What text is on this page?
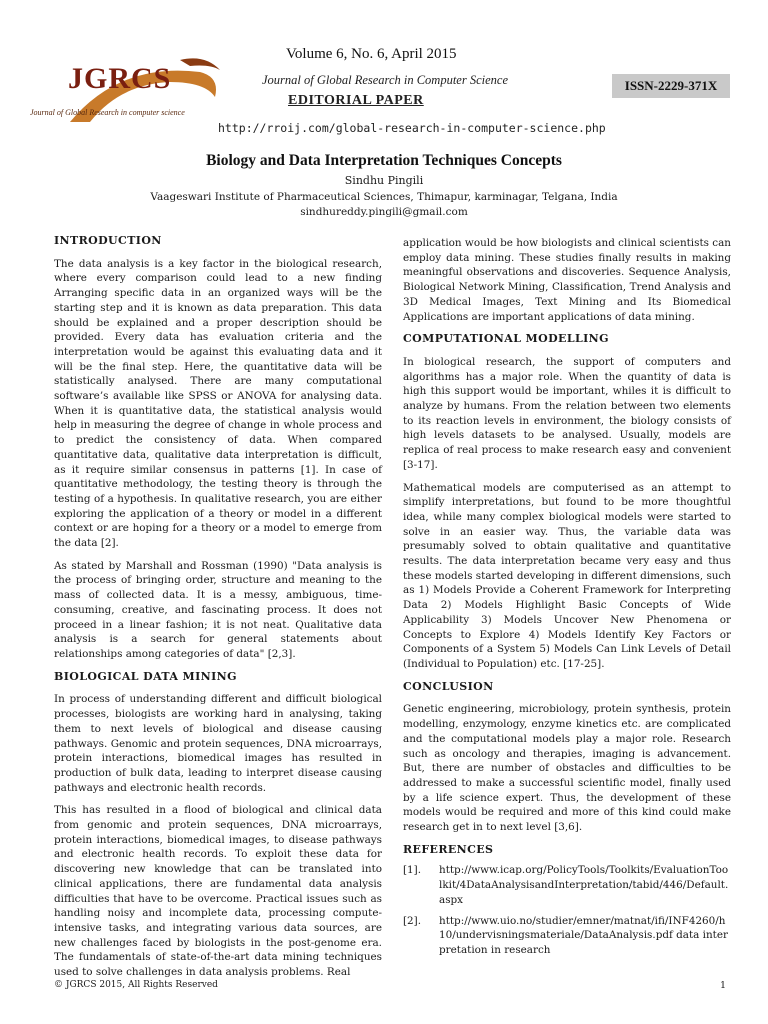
JGRCS
Journal of Global Research in computer science
Volume 6, No. 6, April 2015
Journal of Global Research in Computer Science
EDITORIAL PAPER
ISSN-2229-371X
http://rroij.com/global-research-in-computer-science.php
Biology and Data Interpretation Techniques Concepts
Sindhu Pingili
Vaageswari Institute of Pharmaceutical Sciences, Thimapur, karminagar, Telgana, India
sindhureddy.pingili@gmail.com
INTRODUCTION

The data analysis is a key factor in the biological research, where every comparison could lead to a new finding Arranging specific data in an organized ways will be the starting step and it is known as data preparation. This data should be explained and a proper description should be provided. Every data has evaluation criteria and the interpretation would be against this evaluating data and it will be the final step. Here, the quantitative data will be statistically analysed. There are many computational software’s available like SPSS or ANOVA for analysing data. When it is quantitative data, the statistical analysis would help in measuring the degree of change in whole process and to predict the consistency of data. When compared quantitative data, qualitative data interpretation is difficult, as it require similar consensus in patterns [1]. In case of quantitative methodology, the testing theory is through the testing of a hypothesis. In qualitative research, you are either exploring the application of a theory or model in a different context or are hoping for a theory or a model to emerge from the data [2].

As stated by Marshall and Rossman (1990) "Data analysis is the process of bringing order, structure and meaning to the mass of collected data. It is a messy, ambiguous, time-consuming, creative, and fascinating process. It does not proceed in a linear fashion; it is not neat. Qualitative data analysis is a search for general statements about relationships among categories of data" [2,3].

BIOLOGICAL DATA MINING

In process of understanding different and difficult biological processes, biologists are working hard in analysing, taking them to next levels of biological and disease causing pathways. Genomic and protein sequences, DNA microarrays, protein interactions, biomedical images has resulted in production of bulk data, leading to interpret disease causing pathways and electronic health records.

This has resulted in a flood of biological and clinical data from genomic and protein sequences, DNA microarrays, protein interactions, biomedical images, to disease pathways and electronic health records. To exploit these data for discovering new knowledge that can be translated into clinical applications, there are fundamental data analysis difficulties that have to be overcome. Practical issues such as handling noisy and incomplete data, processing compute-intensive tasks, and integrating various data sources, are new challenges faced by biologists in the post-genome era. The fundamentals of state-of-the-art data mining techniques used to solve challenges in data analysis problems. Real

application would be how biologists and clinical scientists can employ data mining. These studies finally results in making meaningful observations and discoveries. Sequence Analysis, Biological Network Mining, Classification, Trend Analysis and 3D Medical Images, Text Mining and Its Biomedical Applications are important applications of data mining.

COMPUTATIONAL MODELLING

In biological research, the support of computers and algorithms has a major role. When the quantity of data is high this support would be important, whiles it is difficult to analyze by humans. From the relation between two elements to its reaction levels in environment, the biology consists of high levels datasets to be analysed. Usually, models are replica of real process to make research easy and convenient [3-17].

Mathematical models are computerised as an attempt to simplify interpretations, but found to be more thoughtful idea, while many complex biological models were started to solve in an easier way. Thus, the variable data was presumably solved to obtain qualitative and quantitative results. The data interpretation became very easy and thus these models started developing in different dimensions, such as 1) Models Provide a Coherent Framework for Interpreting Data 2) Models Highlight Basic Concepts of Wide Applicability 3) Models Uncover New Phenomena or Concepts to Explore 4) Models Identify Key Factors or Components of a System 5) Models Can Link Levels of Detail (Individual to Population) etc. [17-25].

CONCLUSION

Genetic engineering, microbiology, protein synthesis, protein modelling, enzymology, enzyme kinetics etc. are complicated and the computational models play a major role. Research such as oncology and therapies, imaging is advancement. But, there are number of obstacles and difficulties to be addressed to make a successful scientific model, finally used by a life science expert. Thus, the development of these models would be required and more of this kind could make research get in to next level [3,6].

REFERENCES
[1].	http://www.icap.org/PolicyTools/Toolkits/EvaluationToolkit/4DataAnalysisandInterpretation/tabid/446/Default.aspx
[2].	http://www.uio.no/studier/emner/matnat/ifi/INF4260/h10/undervisningsmateriale/DataAnalysis.pdf data interpretation in research
© JGRCS 2015, All Rights Reserved	1
